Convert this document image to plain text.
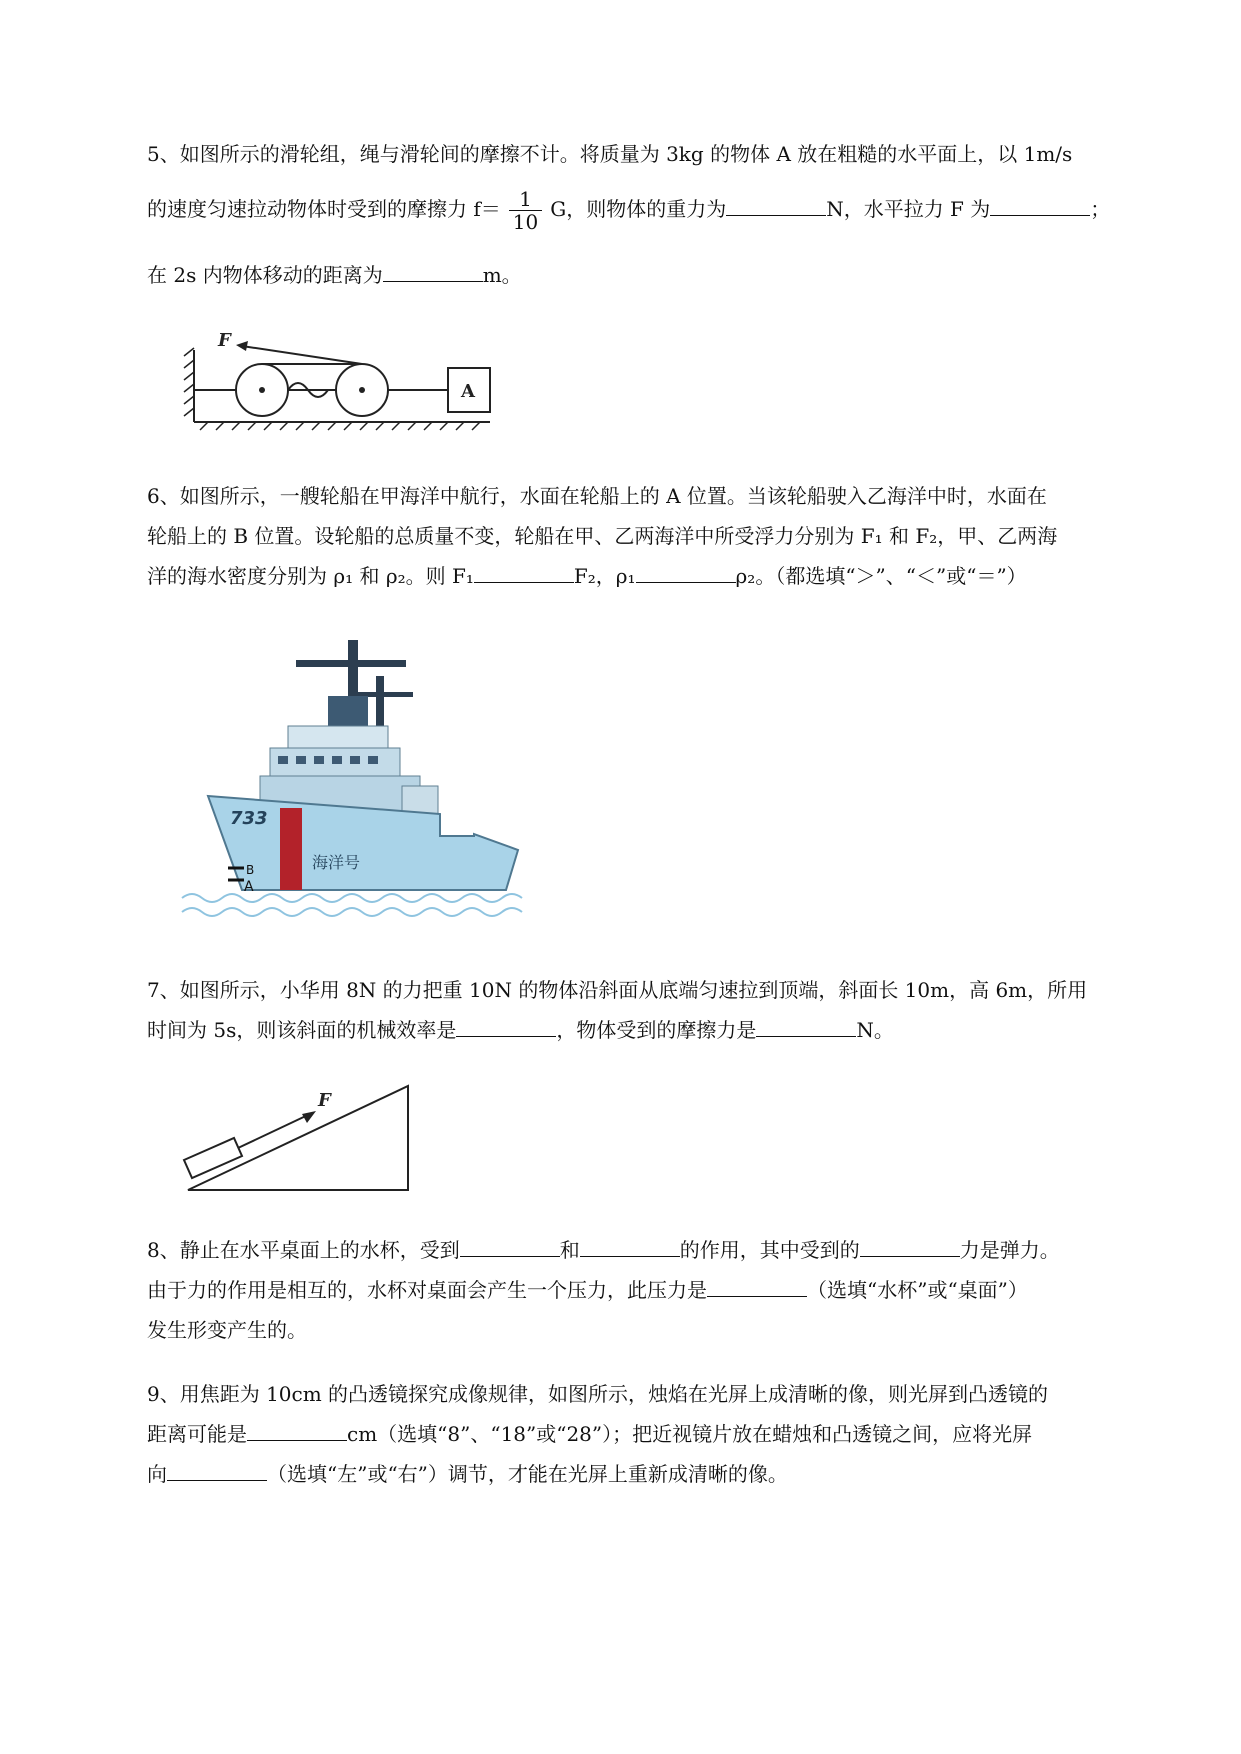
5、如图所示的滑轮组，绳与滑轮间的摩擦不计。将质量为 3kg 的物体 A 放在粗糙的水平面上，以 1m/s
的速度匀速拉动物体时受到的摩擦力 $f= \frac{1}{10}$ G，则物体的重力为	N，水平拉力 F 为	；
在 2s 内物体移动的距离为	m。
F
A
6、如图所示，一艘轮船在甲海洋中航行，水面在轮船上的 A 位置。当该轮船驶入乙海洋中时，水面在
轮船上的 B 位置。设轮船的总质量不变，轮船在甲、乙两海洋中所受浮力分别为 F₁ 和 F₂，甲、乙两海
洋的海水密度分别为 ρ₁ 和 ρ₂。则 F₁	F₂，ρ₁	ρ₂。（都选填“＞”、“＜”或“＝”）
733
海洋号
B
A
7、如图所示，小华用 8N 的力把重 10N 的物体沿斜面从底端匀速拉到顶端，斜面长 10m，高 6m，所用
时间为 5s，则该斜面的机械效率是	，物体受到的摩擦力是	N。
F
8、静止在水平桌面上的水杯，受到	和	的作用，其中受到的	力是弹力。
由于力的作用是相互的，水杯对桌面会产生一个压力，此压力是	（选填“水杯”或“桌面”）
发生形变产生的。
9、用焦距为 10cm 的凸透镜探究成像规律，如图所示，烛焰在光屏上成清晰的像，则光屏到凸透镜的
距离可能是	cm（选填“8”、“18”或“28”）；把近视镜片放在蜡烛和凸透镜之间，应将光屏
向	（选填“左”或“右”）调节，才能在光屏上重新成清晰的像。
